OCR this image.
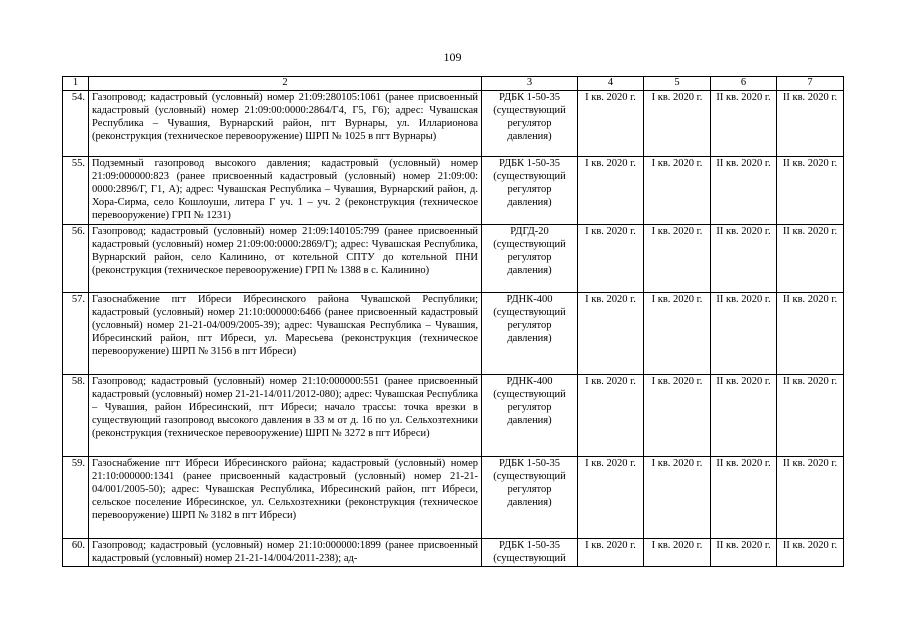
109
1	2	3	4	5	6	7
54.	Газопровод; кадастровый (условный) номер 21:09:280105:1061 (ранее присвоенный кадастровый (условный) номер 21:09:00:0000:2864/Г4, Г5, Г6); адрес: Чувашская Республика – Чувашия, Вурнарский район, пгт Вурнары, ул. Илларионова (реконструкция (техническое перевооружение) ШРП № 1025 в пгт Вурнары)	РДБК 1-50-35 (существующий регулятор давления)	I кв. 2020 г.	I кв. 2020 г.	II кв. 2020 г.	II кв. 2020 г.
55.	Подземный газопровод высокого давления; кадастровый (условный) номер 21:09:000000:823 (ранее присвоенный кадастровый (условный) номер 21:09:00: 0000:2896/Г, Г1, А); адрес: Чувашская Республика – Чувашия, Вурнарский район, д. Хора-Сирма, село Кошлоуши, литера Г уч. 1 – уч. 2 (реконструкция (техническое перевооружение) ГРП № 1231)	РДБК 1-50-35 (существующий регулятор давления)	I кв. 2020 г.	I кв. 2020 г.	II кв. 2020 г.	II кв. 2020 г.
56.	Газопровод; кадастровый (условный) номер 21:09:140105:799 (ранее присвоенный кадастровый (условный) номер 21:09:00:0000:2869/Г); адрес: Чувашская Республика, Вурнарский район, село Калинино, от котельной СПТУ до котельной ПНИ (реконструкция (техническое перевооружение) ГРП № 1388 в с. Калинино)	РДГД-20 (существующий регулятор давления)	I кв. 2020 г.	I кв. 2020 г.	II кв. 2020 г.	II кв. 2020 г.
57.	Газоснабжение пгт Ибреси Ибресинского района Чувашской Республики; кадастровый (условный) номер 21:10:000000:6466 (ранее присвоенный кадастровый (условный) номер 21-21-04/009/2005-39); адрес: Чувашская Республика – Чувашия, Ибресинский район, пгт Ибреси, ул. Маресьева (реконструкция (техническое перевооружение) ШРП № 3156 в пгт Ибреси)	РДНК-400 (существующий регулятор давления)	I кв. 2020 г.	I кв. 2020 г.	II кв. 2020 г.	II кв. 2020 г.
58.	Газопровод; кадастровый (условный) номер 21:10:000000:551 (ранее присвоенный кадастровый (условный) номер 21-21-14/011/2012-080); адрес: Чувашская Республика – Чувашия, район Ибресинский, пгт Ибреси; начало трассы: точка врезки в существующий газопровод высокого давления в 33 м от д. 16 по ул. Сельхозтехники (реконструкция (техническое перевооружение) ШРП № 3272 в пгт Ибреси)	РДНК-400 (существующий регулятор давления)	I кв. 2020 г.	I кв. 2020 г.	II кв. 2020 г.	II кв. 2020 г.
59.	Газоснабжение пгт Ибреси Ибресинского района; кадастровый (условный) номер 21:10:000000:1341 (ранее присвоенный кадастровый (условный) номер 21-21-04/001/2005-50); адрес: Чувашская Республика, Ибресинский район, пгт Ибреси, сельское поселение Ибресинское, ул. Сельхозтехники (реконструкция (техническое перевооружение) ШРП № 3182 в пгт Ибреси)	РДБК 1-50-35 (существующий регулятор давления)	I кв. 2020 г.	I кв. 2020 г.	II кв. 2020 г.	II кв. 2020 г.
60.	Газопровод; кадастровый (условный) номер 21:10:000000:1899 (ранее присвоенный кадастровый (условный) номер 21-21-14/004/2011-238); ад-	РДБК 1-50-35 (существующий	I кв. 2020 г.	I кв. 2020 г.	II кв. 2020 г.	II кв. 2020 г.
